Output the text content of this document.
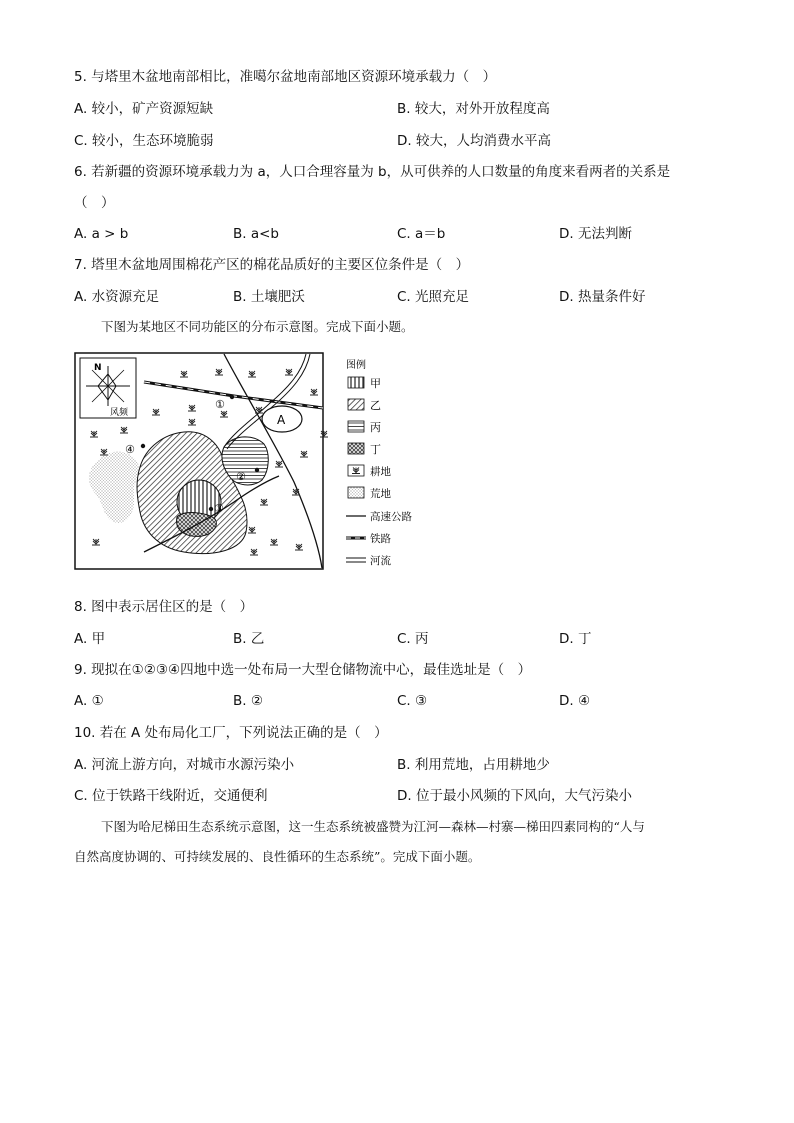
5. 与塔里木盆地南部相比，准噶尔盆地南部地区资源环境承载力（　）
A. 较小，矿产资源短缺	B. 较大，对外开放程度高
C. 较小，生态环境脆弱	D. 较大，人均消费水平高
6. 若新疆的资源环境承载力为 a，人口合理容量为 b，从可供养的人口数量的角度来看两者的关系是
（　）
A. a > b	B. a<b	C. a＝b	D. 无法判断
7. 塔里木盆地周围棉花产区的棉花品质好的主要区位条件是（　）
A. 水资源充足	B. 土壤肥沃	C. 光照充足	D. 热量条件好
下图为某地区不同功能区的分布示意图。完成下面小题。
A
N
风频
①
②
③
④
图例
甲
乙
丙
丁
耕地
荒地
高速公路
铁路
河流
8. 图中表示居住区的是（　）
A. 甲	B. 乙	C. 丙	D. 丁
9. 现拟在①②③④四地中选一处布局一大型仓储物流中心，最佳选址是（　）
A. ①	B. ②	C. ③	D. ④
10. 若在 A 处布局化工厂，下列说法正确的是（　）
A. 河流上游方向，对城市水源污染小	B. 利用荒地，占用耕地少
C. 位于铁路干线附近，交通便利	D. 位于最小风频的下风向，大气污染小
下图为哈尼梯田生态系统示意图，这一生态系统被盛赞为江河—森林—村寨—梯田四素同构的“人与
自然高度协调的、可持续发展的、良性循环的生态系统”。完成下面小题。
